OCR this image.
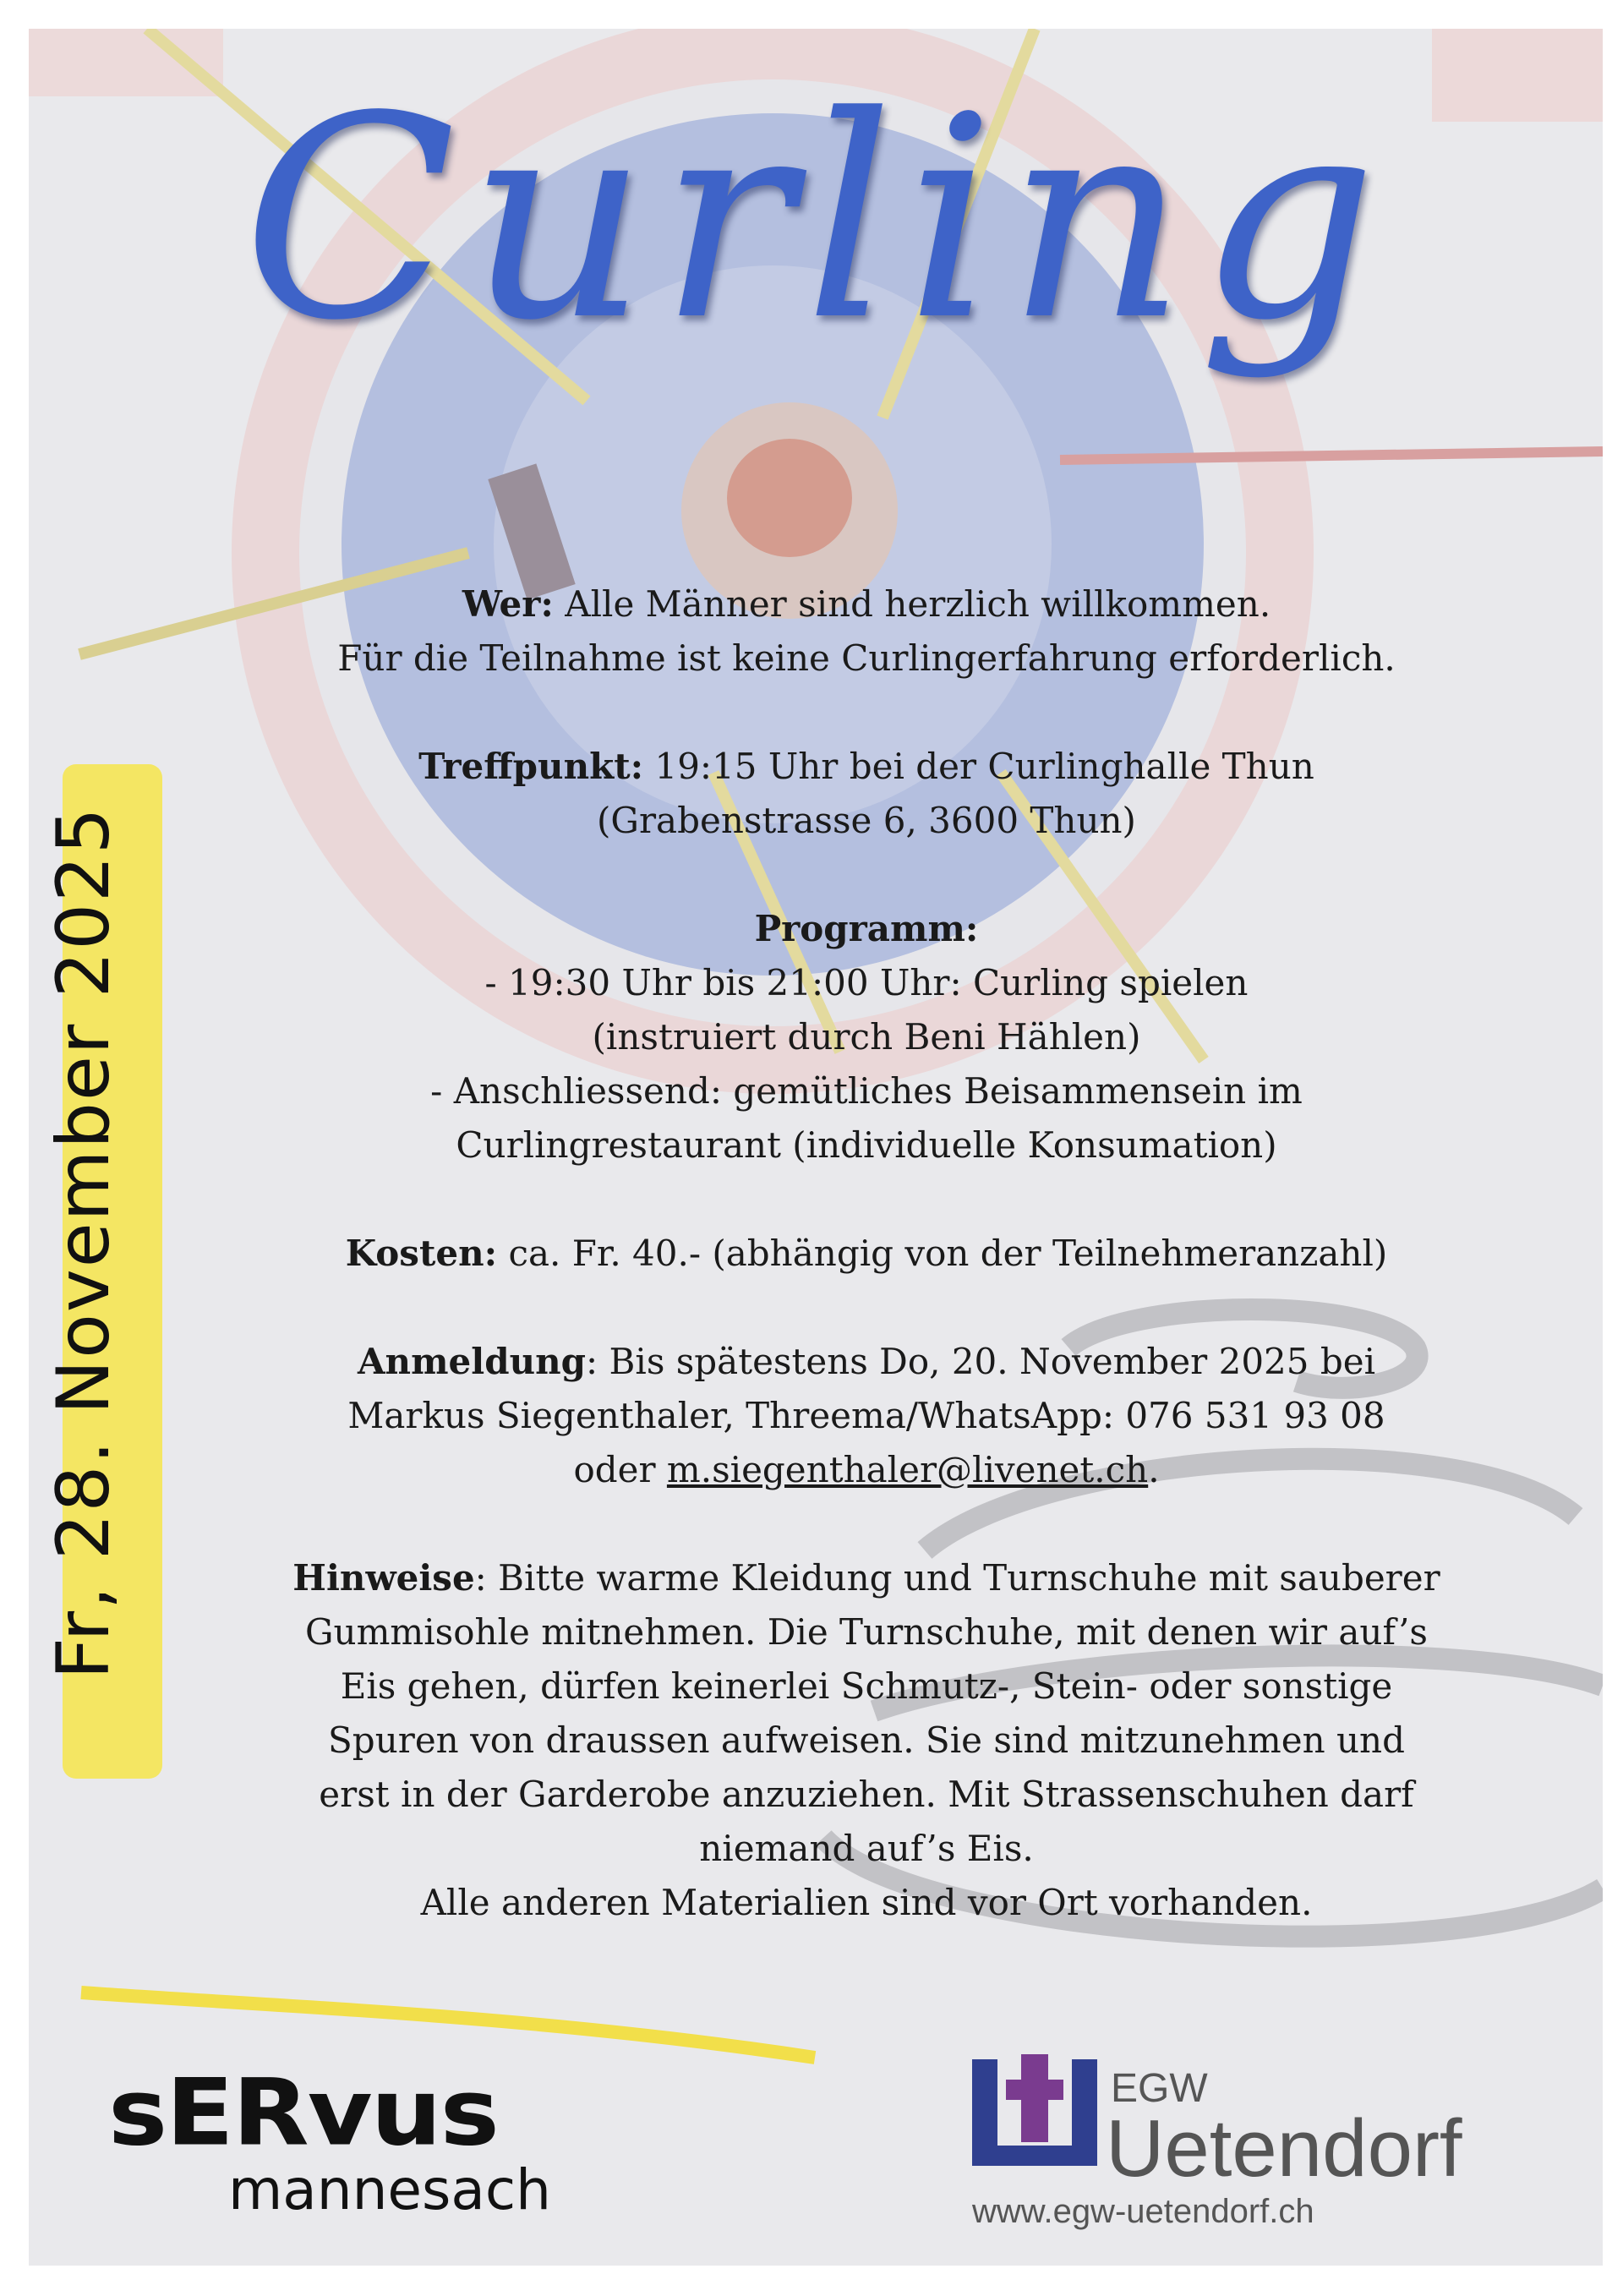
Curling
Fr, 28. November 2025

Wer: Alle Männer sind herzlich willkommen.

Für die Teilnahme ist keine Curlingerfahrung erforderlich.

Treffpunkt: 19:15 Uhr bei der Curlinghalle Thun

(Grabenstrasse 6, 3600 Thun)

Programm:

- 19:30 Uhr bis 21:00 Uhr: Curling spielen

(instruiert durch Beni Hählen)

- Anschliessend: gemütliches Beisammensein im

Curlingrestaurant (individuelle Konsumation)

Kosten: ca. Fr. 40.- (abhängig von der Teilnehmeranzahl)

Anmeldung: Bis spätestens Do, 20. November 2025 bei

Markus Siegenthaler, Threema/WhatsApp: 076 531 93 08

oder m.siegenthaler@livenet.ch.

Hinweise: Bitte warme Kleidung und Turnschuhe mit sauberer

Gummisohle mitnehmen. Die Turnschuhe, mit denen wir auf’s

Eis gehen, dürfen keinerlei Schmutz-, Stein- oder sonstige

Spuren von draussen aufweisen. Sie sind mitzunehmen und

erst in der Garderobe anzuziehen. Mit Strassenschuhen darf

niemand auf’s Eis.

Alle anderen Materialien sind vor Ort vorhanden.

sERvus
mannesach
EGW
Uetendorf
www.egw-uetendorf.ch
